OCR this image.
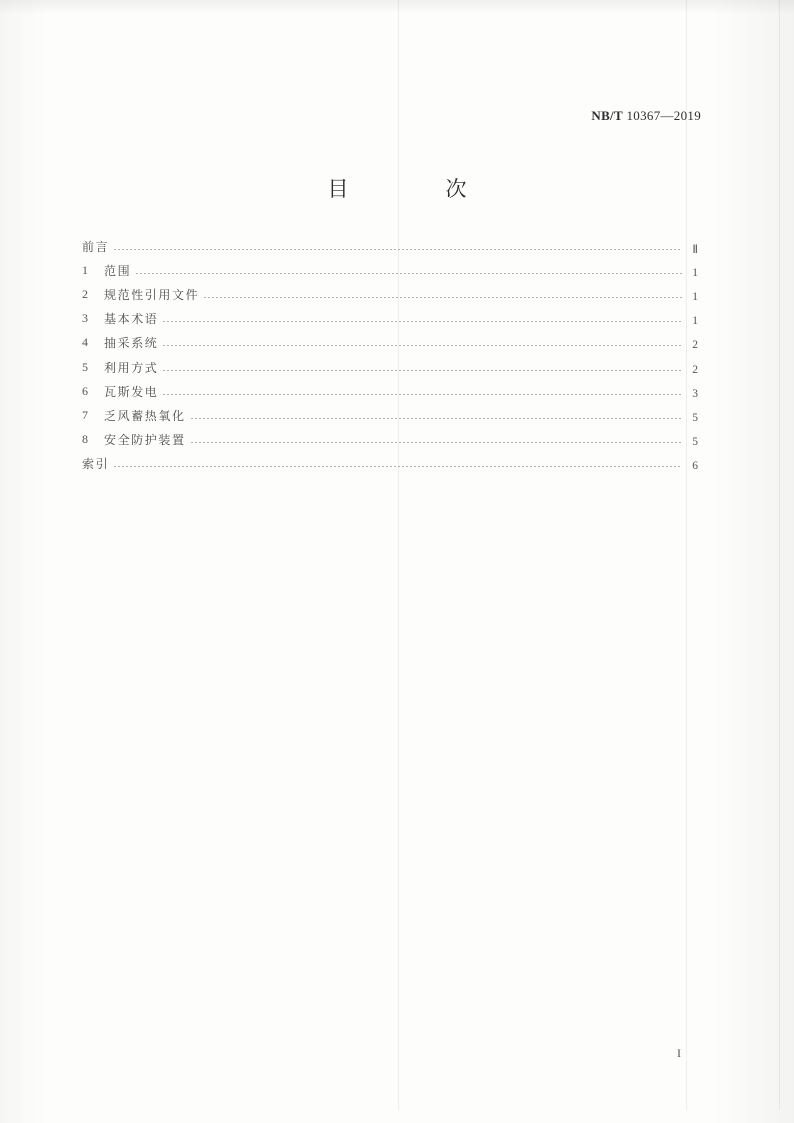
NB/T 10367—2019
目　次
前言	Ⅱ
1	范围	1
2	规范性引用文件	1
3	基本术语	1
4	抽采系统	2
5	利用方式	2
6	瓦斯发电	3
7	乏风蓄热氧化	5
8	安全防护装置	5
索引	6
I
